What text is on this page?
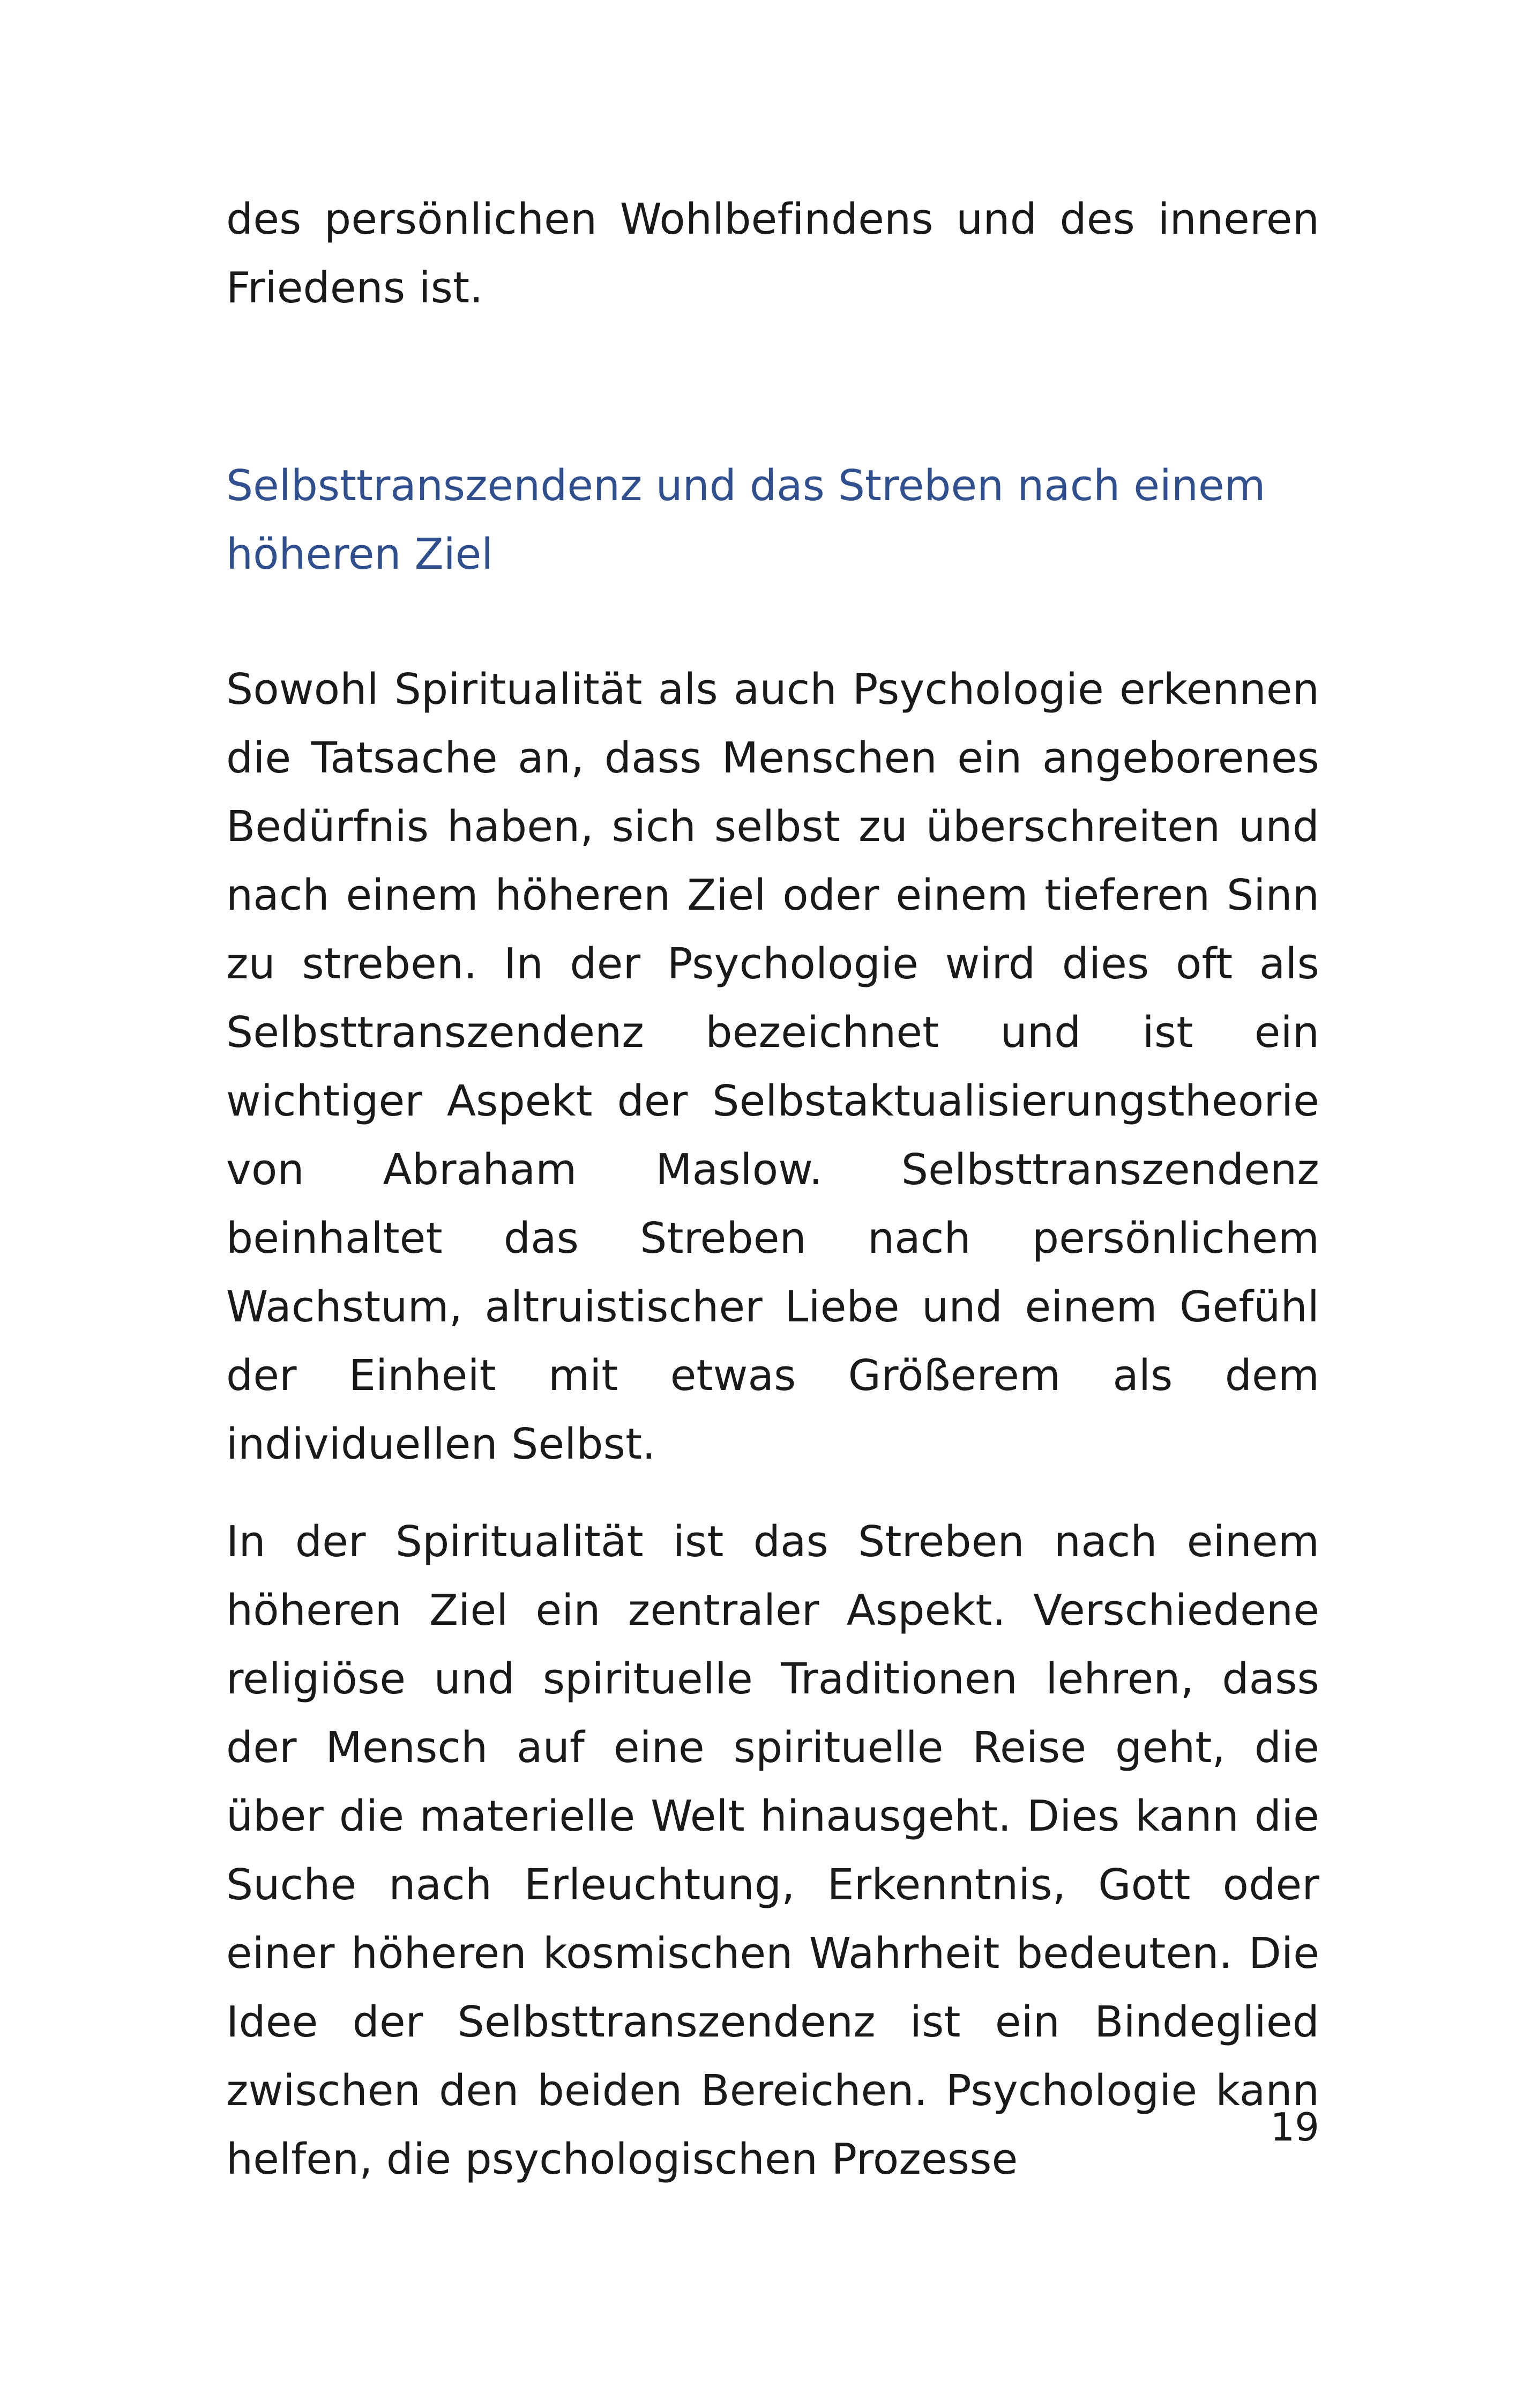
des persönlichen Wohlbefindens und des inneren Friedens ist.

Selbsttranszendenz und das Streben nach einem höheren Ziel

Sowohl Spiritualität als auch Psychologie erkennen die Tatsache an, dass Menschen ein angeborenes Bedürfnis haben, sich selbst zu überschreiten und nach einem höheren Ziel oder einem tieferen Sinn zu streben. In der Psychologie wird dies oft als Selbsttranszendenz bezeichnet und ist ein wichtiger Aspekt der Selbstaktualisierungstheorie von Abraham Maslow. Selbsttranszendenz beinhaltet das Streben nach persönlichem Wachstum, altruistischer Liebe und einem Gefühl der Einheit mit etwas Größerem als dem individuellen Selbst.

In der Spiritualität ist das Streben nach einem höheren Ziel ein zentraler Aspekt. Verschiedene religiöse und spirituelle Traditionen lehren, dass der Mensch auf eine spirituelle Reise geht, die über die materielle Welt hinausgeht. Dies kann die Suche nach Erleuchtung, Erkenntnis, Gott oder einer höheren kosmischen Wahrheit bedeuten. Die Idee der Selbsttranszendenz ist ein Bindeglied zwischen den beiden Bereichen. Psychologie kann helfen, die psychologischen Prozesse

19
